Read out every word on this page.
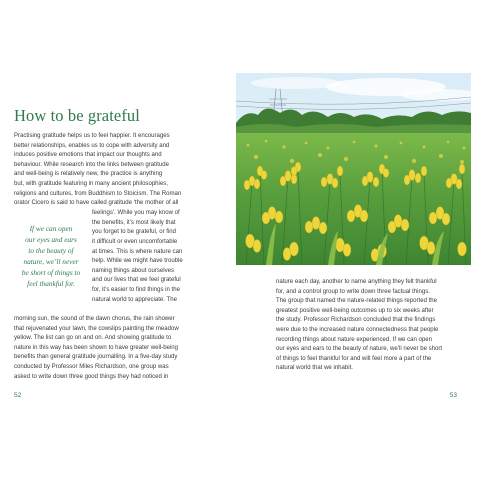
How to be grateful

Practising gratitude helps us to feel happier. It encourages

better relationships, enables us to cope with adversity and

induces positive emotions that impact our thoughts and

behaviour. While research into the links between gratitude

and well-being is relatively new, the practice is anything

but, with gratitude featuring in many ancient philosophies,

religions and cultures, from Buddhism to Stoicism. The Roman

orator Cicero is said to have called gratitude ‘the mother of all

If we can open
our eyes and ears
to the beauty of
nature, we’ll never
be short of things to
feel thankful for.

feelings’. While you may know of

the benefits, it’s most likely that

you forget to be grateful, or find

it difficult or even uncomfortable

at times. This is where nature can

help. While we might have trouble

naming things about ourselves

and our lives that we feel grateful

for, it’s easier to find things in the

natural world to appreciate. The

morning sun, the sound of the dawn chorus, the rain shower

that rejuvenated your lawn, the cowslips painting the meadow

yellow. The list can go on and on. And showing gratitude to

nature in this way has been shown to have greater well-being

benefits than general gratitude journalling. In a five-day study

conducted by Professor Miles Richardson, one group was

asked to write down three good things they had noticed in

52

nature each day, another to name anything they felt thankful

for, and a control group to write down three factual things.

The group that named the nature-related things reported the

greatest positive well-being outcomes up to six weeks after

the study. Professor Richardson concluded that the findings

were due to the increased nature connectedness that people

recording things about nature experienced. If we can open

our eyes and ears to the beauty of nature, we’ll never be short

of things to feel thankful for and will feel more a part of the

natural world that we inhabit.

53
